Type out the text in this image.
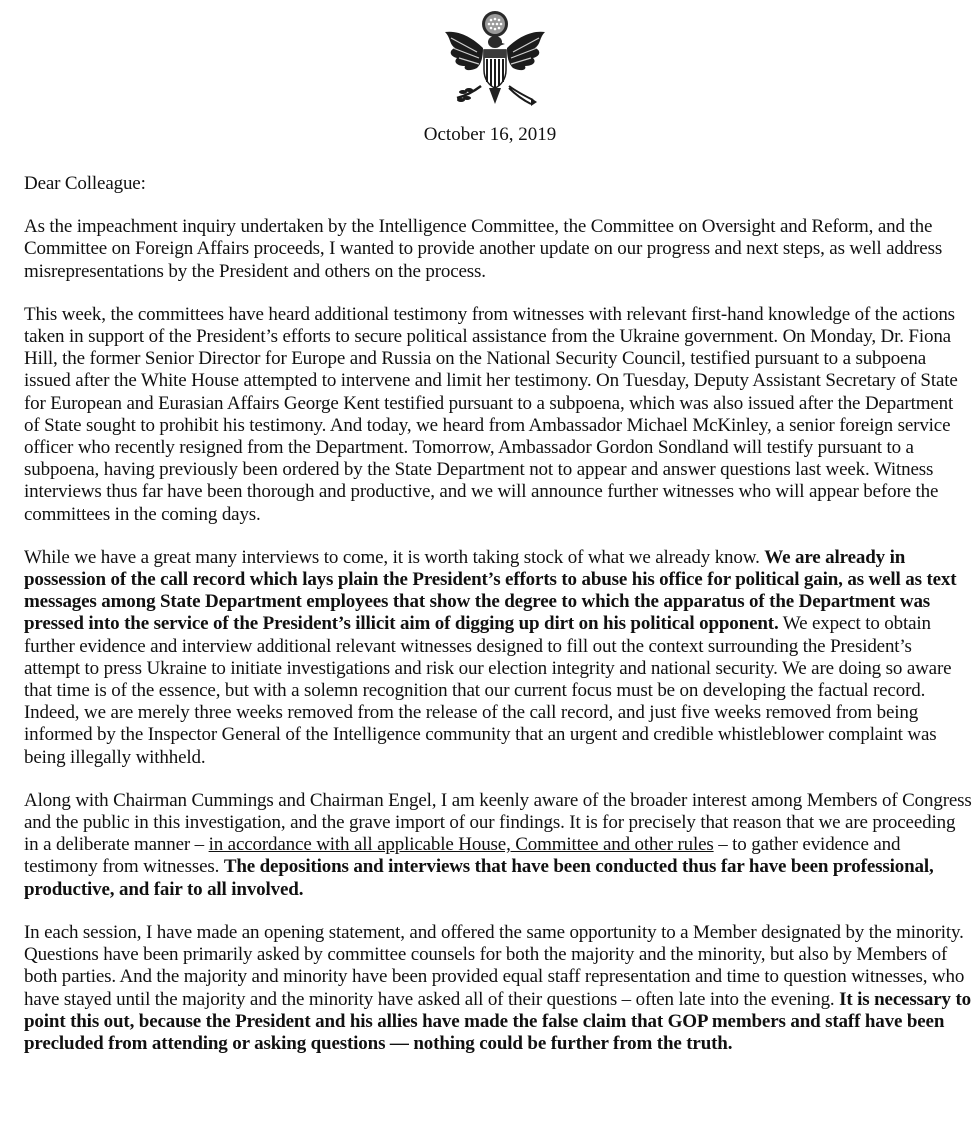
October 16, 2019

Dear Colleague:

As the impeachment inquiry undertaken by the Intelligence Committee, the Committee on Oversight and Reform, and the Committee on Foreign Affairs proceeds, I wanted to provide another update on our progress and next steps, as well address misrepresentations by the President and others on the process.

This week, the committees have heard additional testimony from witnesses with relevant first-hand knowledge of the actions taken in support of the President’s efforts to secure political assistance from the Ukraine government. On Monday, Dr. Fiona Hill, the former Senior Director for Europe and Russia on the National Security Council, testified pursuant to a subpoena issued after the White House attempted to intervene and limit her testimony. On Tuesday, Deputy Assistant Secretary of State for European and Eurasian Affairs George Kent testified pursuant to a subpoena, which was also issued after the Department of State sought to prohibit his testimony. And today, we heard from Ambassador Michael McKinley, a senior foreign service officer who recently resigned from the Department. Tomorrow, Ambassador Gordon Sondland will testify pursuant to a subpoena, having previously been ordered by the State Department not to appear and answer questions last week. Witness interviews thus far have been thorough and productive, and we will announce further witnesses who will appear before the committees in the coming days.

While we have a great many interviews to come, it is worth taking stock of what we already know. We are already in possession of the call record which lays plain the President’s efforts to abuse his office for political gain, as well as text messages among State Department employees that show the degree to which the apparatus of the Department was pressed into the service of the President’s illicit aim of digging up dirt on his political opponent. We expect to obtain further evidence and interview additional relevant witnesses designed to fill out the context surrounding the President’s attempt to press Ukraine to initiate investigations and risk our election integrity and national security. We are doing so aware that time is of the essence, but with a solemn recognition that our current focus must be on developing the factual record. Indeed, we are merely three weeks removed from the release of the call record, and just five weeks removed from being informed by the Inspector General of the Intelligence community that an urgent and credible whistleblower complaint was being illegally withheld.

Along with Chairman Cummings and Chairman Engel, I am keenly aware of the broader interest among Members of Congress and the public in this investigation, and the grave import of our findings. It is for precisely that reason that we are proceeding in a deliberate manner – in accordance with all applicable House, Committee and other rules – to gather evidence and testimony from witnesses. The depositions and interviews that have been conducted thus far have been professional, productive, and fair to all involved.

In each session, I have made an opening statement, and offered the same opportunity to a Member designated by the minority. Questions have been primarily asked by committee counsels for both the majority and the minority, but also by Members of both parties. And the majority and minority have been provided equal staff representation and time to question witnesses, who have stayed until the majority and the minority have asked all of their questions – often late into the evening. It is necessary to point this out, because the President and his allies have made the false claim that GOP members and staff have been precluded from attending or asking questions — nothing could be further from the truth.
